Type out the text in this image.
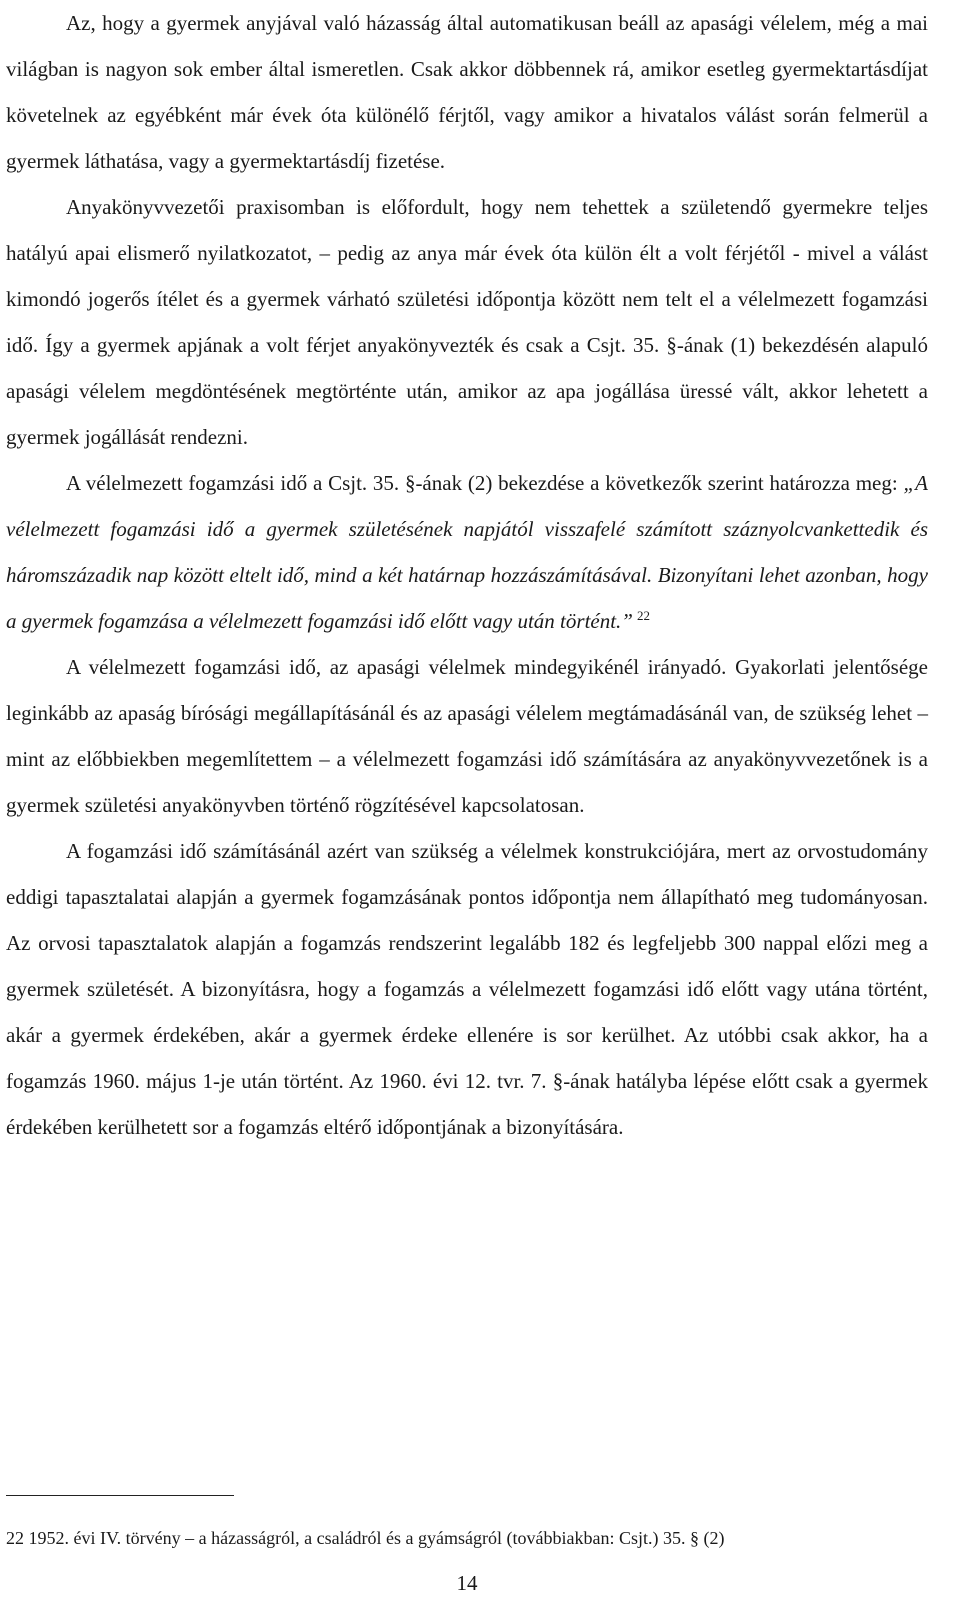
Az, hogy a gyermek anyjával való házasság által automatikusan beáll az apasági vélelem, még a mai világban is nagyon sok ember által ismeretlen. Csak akkor döbbennek rá, amikor esetleg gyermektartásdíjat követelnek az egyébként már évek óta különélő férjtől, vagy amikor a hivatalos válást során felmerül a gyermek láthatása, vagy a gyermektartásdíj fizetése.

Anyakönyvvezetői praxisomban is előfordult, hogy nem tehettek a születendő gyermekre teljes hatályú apai elismerő nyilatkozatot, – pedig az anya már évek óta külön élt a volt férjétől - mivel a válást kimondó jogerős ítélet és a gyermek várható születési időpontja között nem telt el a vélelmezett fogamzási idő. Így a gyermek apjának a volt férjet anyakönyvezték és csak a Csjt. 35. §-ának (1) bekezdésén alapuló apasági vélelem megdöntésének megtörténte után, amikor az apa jogállása üressé vált, akkor lehetett a gyermek jogállását rendezni.

A vélelmezett fogamzási idő a Csjt. 35. §-ának (2) bekezdése a következők szerint határozza meg: „A vélelmezett fogamzási idő a gyermek születésének napjától visszafelé számított száznyolcvankettedik és háromszázadik nap között eltelt idő, mind a két határnap hozzászámításával. Bizonyítani lehet azonban, hogy a gyermek fogamzása a vélelmezett fogamzási idő előtt vagy után történt.” $^{22}$

A vélelmezett fogamzási idő, az apasági vélelmek mindegyikénél irányadó. Gyakorlati jelentősége leginkább az apaság bírósági megállapításánál és az apasági vélelem megtámadásánál van, de szükség lehet – mint az előbbiekben megemlítettem – a vélelmezett fogamzási idő számítására az anyakönyvvezetőnek is a gyermek születési anyakönyvben történő rögzítésével kapcsolatosan.

A fogamzási idő számításánál azért van szükség a vélelmek konstrukciójára, mert az orvostudomány eddigi tapasztalatai alapján a gyermek fogamzásának pontos időpontja nem állapítható meg tudományosan. Az orvosi tapasztalatok alapján a fogamzás rendszerint legalább 182 és legfeljebb 300 nappal előzi meg a gyermek születését. A bizonyításra, hogy a fogamzás a vélelmezett fogamzási idő előtt vagy utána történt, akár a gyermek érdekében, akár a gyermek érdeke ellenére is sor kerülhet. Az utóbbi csak akkor, ha a fogamzás 1960. május 1-je után történt. Az 1960. évi 12. tvr. 7. §-ának hatályba lépése előtt csak a gyermek érdekében kerülhetett sor a fogamzás eltérő időpontjának a bizonyítására.

22 1952. évi IV. törvény – a házasságról, a családról és a gyámságról (továbbiakban: Csjt.) 35. § (2)
14
